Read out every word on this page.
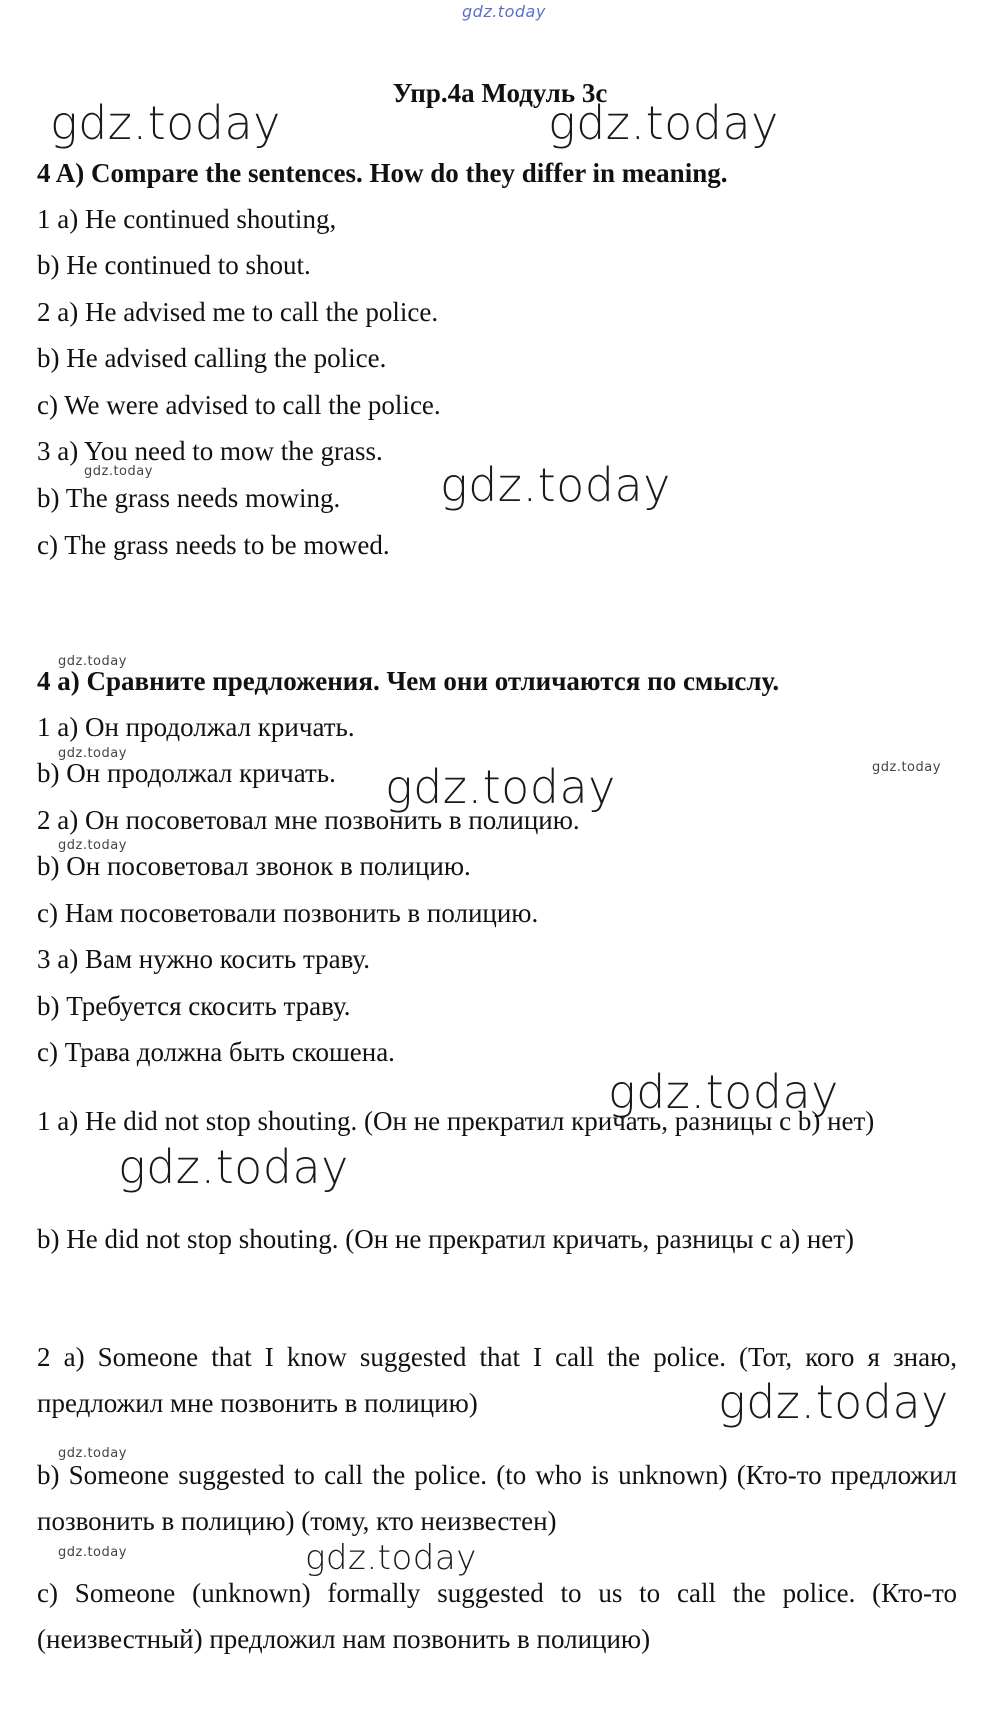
gdz.today
gdz.today	gdz.today
gdz.today	gdz.today
gdz.today
gdz.today
gdz.today
gdz.today
gdz.today
gdz.today
gdz.today
gdz.today
gdz.today
gdz.today	gdz.today
Упр.4а Модуль 3с
4 A) Compare the sentences. How do they differ in meaning.
1 a) He continued shouting,
b) He continued to shout.
2 a) He advised me to call the police.
b) He advised calling the police.
c) We were advised to call the police.
3 a) You need to mow the grass.
b) The grass needs mowing.
c) The grass needs to be mowed.
4 a) Сравните предложения. Чем они отличаются по смыслу.
1 a) Он продолжал кричать.
b) Он продолжал кричать.
2 a) Он посоветовал мне позвонить в полицию.
b) Он посоветовал звонок в полицию.
c) Нам посоветовали позвонить в полицию.
3 a) Вам нужно косить траву.
b) Требуется скосить траву.
c) Трава должна быть скошена.
1 a) He did not stop shouting. (Он не прекратил кричать, разницы с b) нет)
b) He did not stop shouting. (Он не прекратил кричать, разницы с a) нет)
2 a) Someone that I know suggested that I call the police. (Тот, кого я знаю, предложил мне позвонить в полицию)
b) Someone suggested to call the police. (to who is unknown) (Кто-то предложил позвонить в полицию) (тому, кто неизвестен)
c) Someone (unknown) formally suggested to us to call the police. (Кто-то (неизвестный) предложил нам позвонить в полицию)
